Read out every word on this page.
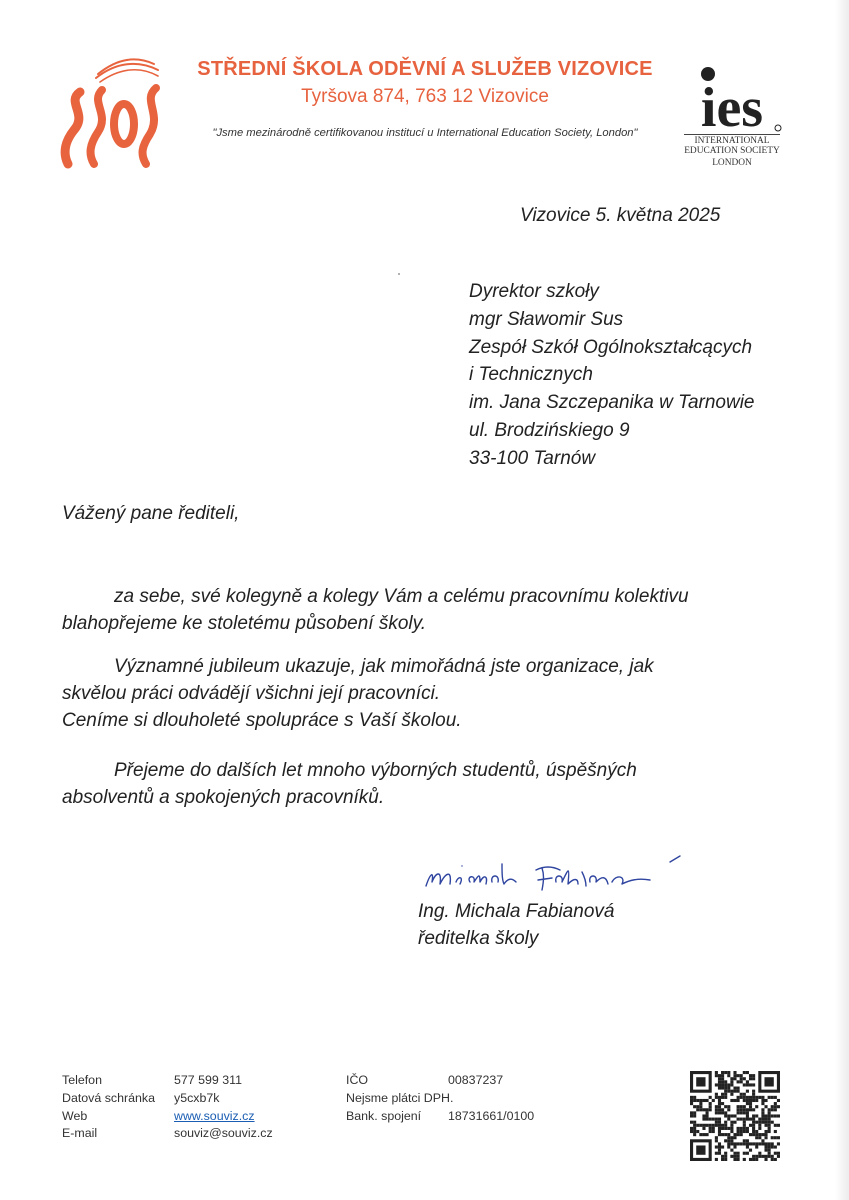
STŘEDNÍ ŠKOLA ODĚVNÍ A SLUŽEB VIZOVICE
Tyršova 874, 763 12 Vizovice
"Jsme mezinárodně certifikovanou institucí u International Education Society, London"	ies
INTERNATIONAL
EDUCATION SOCIETY
LONDON
Vizovice 5. května 2025
Dyrektor szkoły
mgr Sławomir Sus
Zespół Szkół Ogólnokształcących
i Technicznych
im. Jana Szczepanika w Tarnowie
ul. Brodzińskiego 9
33-100 Tarnów
Vážený pane řediteli,
za sebe, své kolegyně a kolegy Vám a celému pracovnímu kolektivu
blahopřejeme ke stoletému působení školy.
Významné jubileum ukazuje, jak mimořádná jste organizace, jak
skvělou práci odvádějí všichni její pracovníci.
Ceníme si dlouholeté spolupráce s Vaší školou.
Přejeme do dalších let mnoho výborných studentů, úspěšných
absolventů a spokojených pracovníků.
Ing. Michala Fabianová
ředitelka školy
Telefon
Datová schránka
Web
E-mail
577 599 311
y5cxb7k
www.souviz.cz
souviz@souviz.cz
IČO
Nejsme plátci DPH.
Bank. spojení
00837237

18731661/0100
